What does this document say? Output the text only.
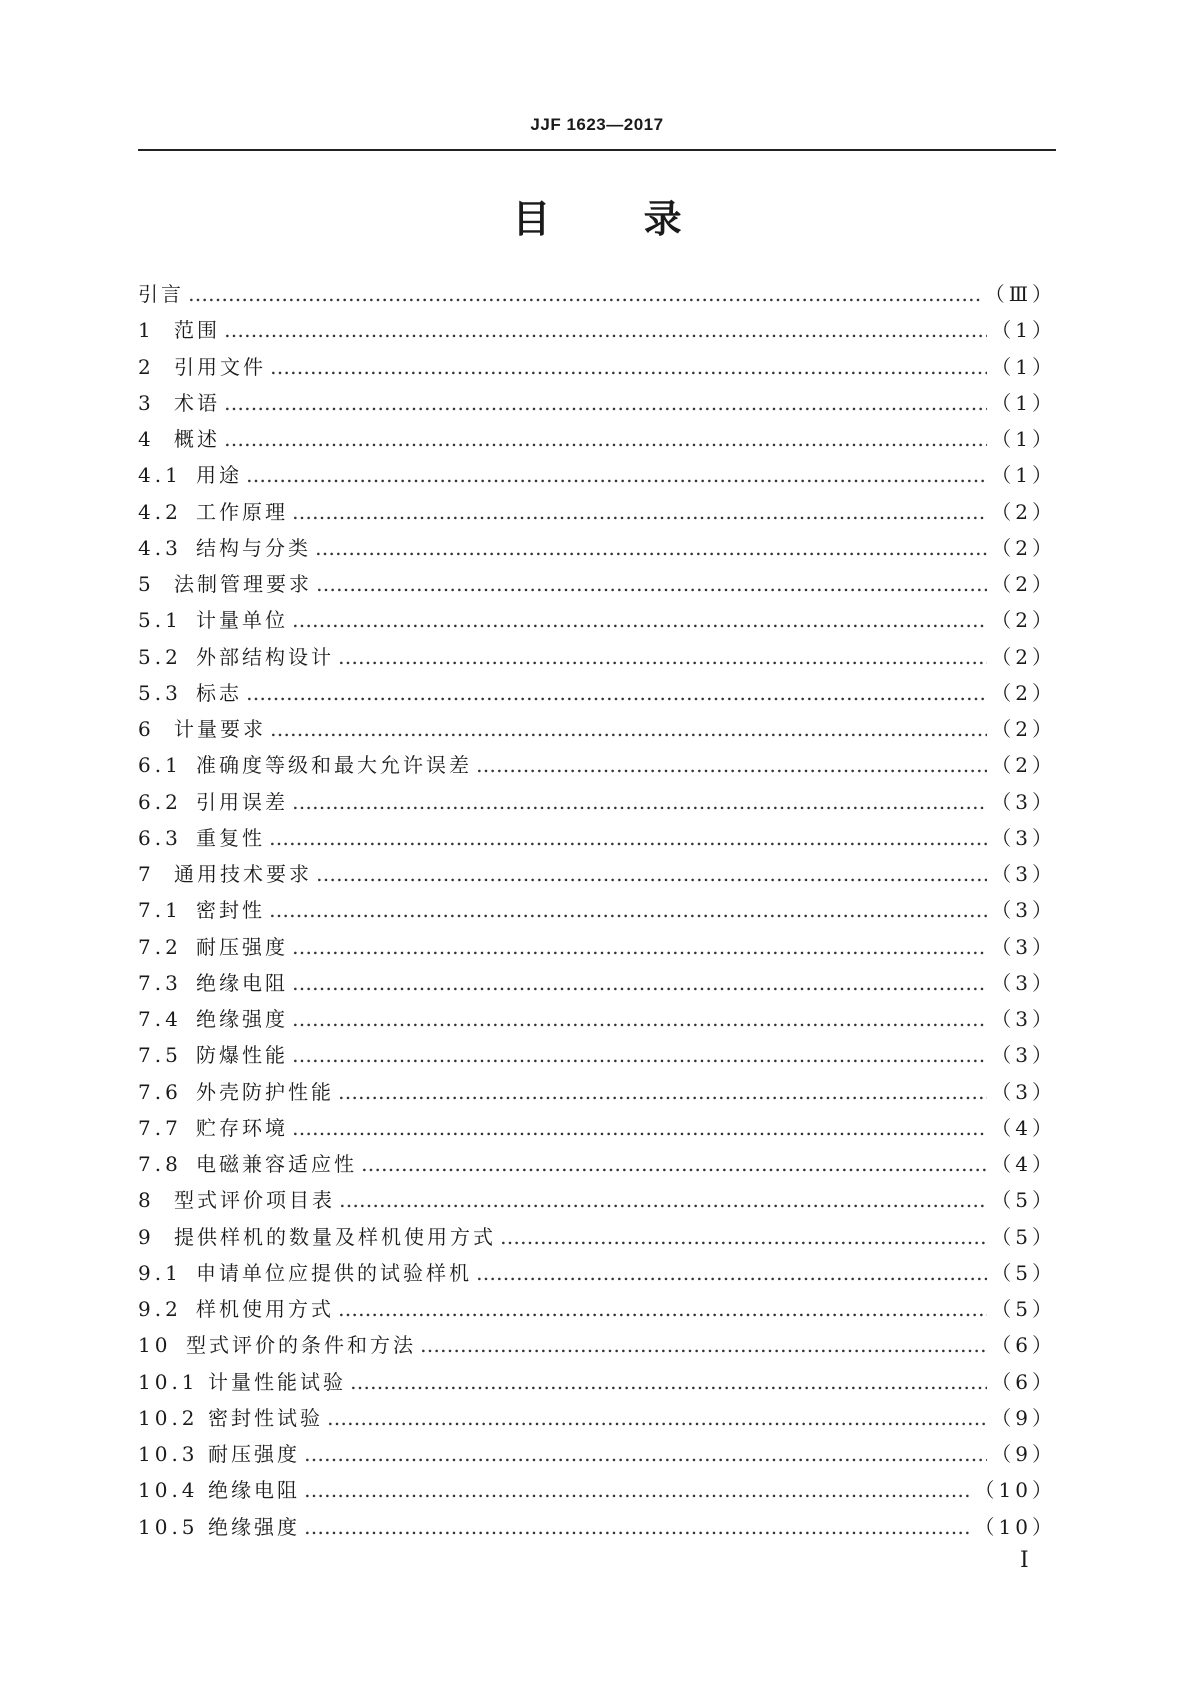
JJF 1623—2017
目 录
引言 ………………………………………………………………………………………………………………………………………………………………………………………………	（Ⅲ）
1 范围 ………………………………………………………………………………………………………………………………………………………………………………………………	（1）
2 引用文件 ………………………………………………………………………………………………………………………………………………………………………………………………	（1）
3 术语 ………………………………………………………………………………………………………………………………………………………………………………………………	（1）
4 概述 ………………………………………………………………………………………………………………………………………………………………………………………………	（1）
4.1 用途 ………………………………………………………………………………………………………………………………………………………………………………………………	（1）
4.2 工作原理 ………………………………………………………………………………………………………………………………………………………………………………………………	（2）
4.3 结构与分类 ………………………………………………………………………………………………………………………………………………………………………………………………	（2）
5 法制管理要求 ………………………………………………………………………………………………………………………………………………………………………………………………	（2）
5.1 计量单位 ………………………………………………………………………………………………………………………………………………………………………………………………	（2）
5.2 外部结构设计 ………………………………………………………………………………………………………………………………………………………………………………………………	（2）
5.3 标志 ………………………………………………………………………………………………………………………………………………………………………………………………	（2）
6 计量要求 ………………………………………………………………………………………………………………………………………………………………………………………………	（2）
6.1 准确度等级和最大允许误差 ………………………………………………………………………………………………………………………………………………………………………………………………	（2）
6.2 引用误差 ………………………………………………………………………………………………………………………………………………………………………………………………	（3）
6.3 重复性 ………………………………………………………………………………………………………………………………………………………………………………………………	（3）
7 通用技术要求 ………………………………………………………………………………………………………………………………………………………………………………………………	（3）
7.1 密封性 ………………………………………………………………………………………………………………………………………………………………………………………………	（3）
7.2 耐压强度 ………………………………………………………………………………………………………………………………………………………………………………………………	（3）
7.3 绝缘电阻 ………………………………………………………………………………………………………………………………………………………………………………………………	（3）
7.4 绝缘强度 ………………………………………………………………………………………………………………………………………………………………………………………………	（3）
7.5 防爆性能 ………………………………………………………………………………………………………………………………………………………………………………………………	（3）
7.6 外壳防护性能 ………………………………………………………………………………………………………………………………………………………………………………………………	（3）
7.7 贮存环境 ………………………………………………………………………………………………………………………………………………………………………………………………	（4）
7.8 电磁兼容适应性 ………………………………………………………………………………………………………………………………………………………………………………………………	（4）
8 型式评价项目表 ………………………………………………………………………………………………………………………………………………………………………………………………	（5）
9 提供样机的数量及样机使用方式 ………………………………………………………………………………………………………………………………………………………………………………………………	（5）
9.1 申请单位应提供的试验样机 ………………………………………………………………………………………………………………………………………………………………………………………………	（5）
9.2 样机使用方式 ………………………………………………………………………………………………………………………………………………………………………………………………	（5）
10 型式评价的条件和方法 ………………………………………………………………………………………………………………………………………………………………………………………………	（6）
10.1 计量性能试验 ………………………………………………………………………………………………………………………………………………………………………………………………	（6）
10.2 密封性试验 ………………………………………………………………………………………………………………………………………………………………………………………………	（9）
10.3 耐压强度 ………………………………………………………………………………………………………………………………………………………………………………………………	（9）
10.4 绝缘电阻 ………………………………………………………………………………………………………………………………………………………………………………………………	（10）
10.5 绝缘强度 ………………………………………………………………………………………………………………………………………………………………………………………………	（10）
Ⅰ
